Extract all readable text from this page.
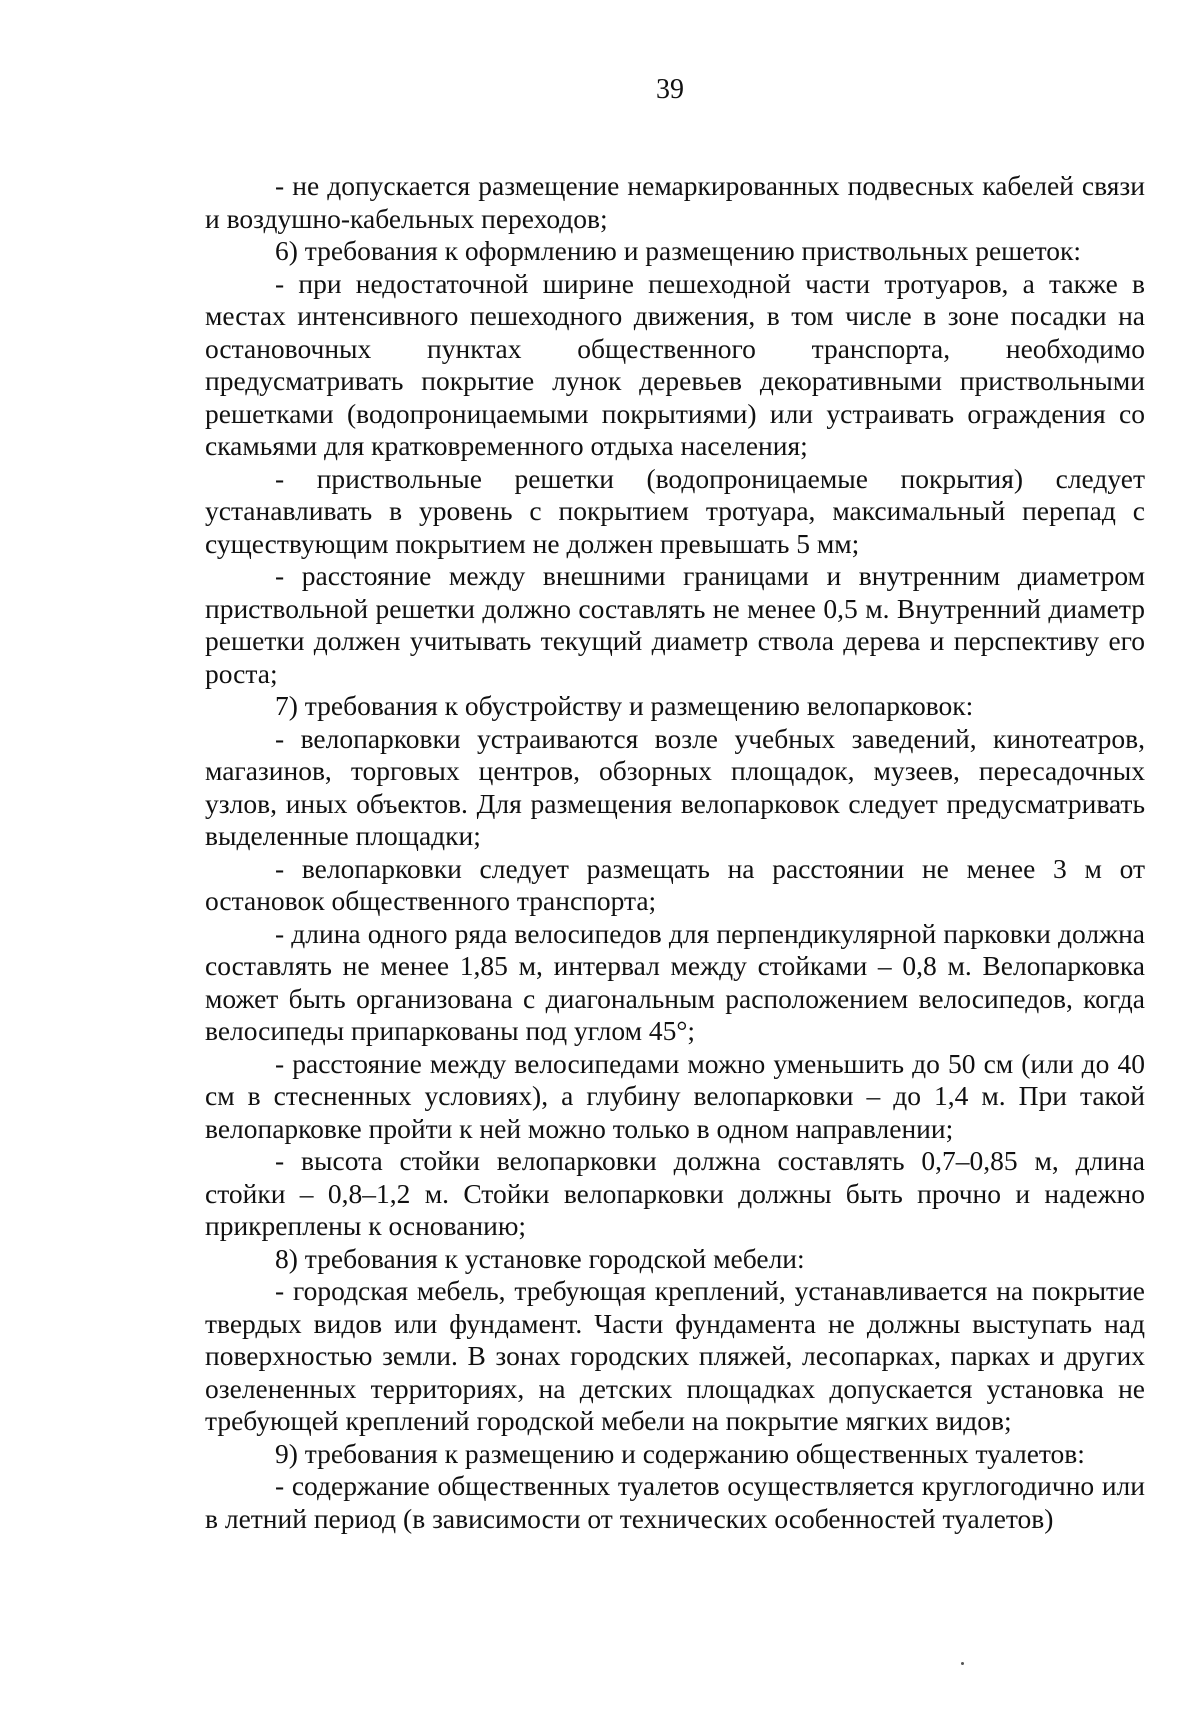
39

- не допускается размещение немаркированных подвесных кабелей связи и воздушно-кабельных переходов;

6) требования к оформлению и размещению приствольных решеток:

- при недостаточной ширине пешеходной части тротуаров, а также в местах интенсивного пешеходного движения, в том числе в зоне посадки на остановочных пунктах общественного транспорта, необходимо предусматривать покрытие лунок деревьев декоративными приствольными решетками (водопроницаемыми покрытиями) или устраивать ограждения со скамьями для кратковременного отдыха населения;

- приствольные решетки (водопроницаемые покрытия) следует устанавливать в уровень с покрытием тротуара, максимальный перепад с существующим покрытием не должен превышать 5 мм;

- расстояние между внешними границами и внутренним диаметром приствольной решетки должно составлять не менее 0,5 м. Внутренний диаметр решетки должен учитывать текущий диаметр ствола дерева и перспективу его роста;

7) требования к обустройству и размещению велопарковок:

- велопарковки устраиваются возле учебных заведений, кинотеатров, магазинов, торговых центров, обзорных площадок, музеев, пересадочных узлов, иных объектов. Для размещения велопарковок следует предусматривать выделенные площадки;

- велопарковки следует размещать на расстоянии не менее 3 м от остановок общественного транспорта;

- длина одного ряда велосипедов для перпендикулярной парковки должна составлять не менее 1,85 м, интервал между стойками – 0,8 м. Велопарковка может быть организована с диагональным расположением велосипедов, когда велосипеды припаркованы под углом 45°;

- расстояние между велосипедами можно уменьшить до 50 см (или до 40 см в стесненных условиях), а глубину велопарковки – до 1,4 м. При такой велопарковке пройти к ней можно только в одном направлении;

- высота стойки велопарковки должна составлять 0,7–0,85 м, длина стойки – 0,8–1,2 м. Стойки велопарковки должны быть прочно и надежно прикреплены к основанию;

8) требования к установке городской мебели:

- городская мебель, требующая креплений, устанавливается на покрытие твердых видов или фундамент. Части фундамента не должны выступать над поверхностью земли. В зонах городских пляжей, лесопарках, парках и других озелененных территориях, на детских площадках допускается установка не требующей креплений городской мебели на покрытие мягких видов;

9) требования к размещению и содержанию общественных туалетов:

- содержание общественных туалетов осуществляется круглогодично или в летний период (в зависимости от технических особенностей туалетов)
